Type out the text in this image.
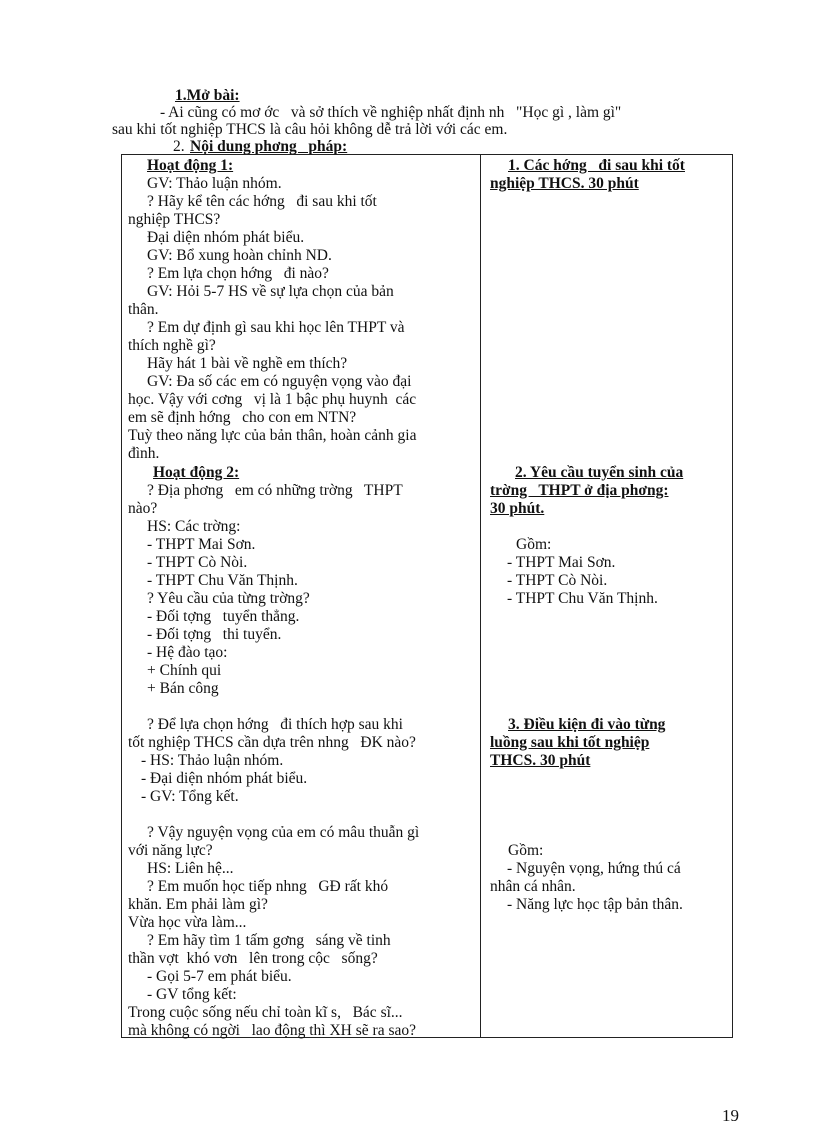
1.Mở bài:
- Ai cũng có mơ ớc   và sở thích về nghiệp nhất định nh   "Học gì , làm gì"
sau khi tốt nghiệp THCS là câu hỏi không dễ trả lời với các em.
2. Nội dung phơng   pháp:
Hoạt động 1:
GV: Thảo luận nhóm.
? Hãy kể tên các hớng   đi sau khi tốt
nghiệp THCS?
Đại diện nhóm phát biểu.
GV: Bổ xung hoàn chỉnh ND.
? Em lựa chọn hớng   đi nào?
GV: Hỏi 5-7 HS về sự lựa chọn của bản
thân.
? Em dự định gì sau khi học lên THPT và
thích nghề gì?
Hãy hát 1 bài về nghề em thích?
GV: Đa số các em có nguyện vọng vào đại
học. Vậy với cơng   vị là 1 bậc phụ huynh  các
em sẽ định hớng   cho con em NTN?
Tuỳ theo năng lực của bản thân, hoàn cảnh gia
đình.
Hoạt động 2:
? Địa phơng   em có những trờng   THPT
nào?
HS: Các trờng:
- THPT Mai Sơn.
- THPT Cò Nòi.
- THPT Chu Văn Thịnh.
? Yêu cầu của từng trờng?
- Đối tợng   tuyển thẳng.
- Đối tợng   thi tuyển.
- Hệ đào tạo:
+ Chính qui
+ Bán công
? Để lựa chọn hớng   đi thích hợp sau khi
tốt nghiệp THCS cần dựa trên nhng   ĐK nào?
- HS: Thảo luận nhóm.
- Đại diện nhóm phát biểu.
- GV: Tổng kết.
? Vậy nguyện vọng của em có mâu thuẫn gì
với năng lực?
HS: Liên hệ...
? Em muốn học tiếp nhng   GĐ rất khó
khăn. Em phải làm gì?
Vừa học vừa làm...
? Em hãy tìm 1 tấm gơng   sáng về tinh
thần vợt  khó vơn   lên trong cộc   sống?
- Gọi 5-7 em phát biểu.
- GV tổng kết:
Trong cuộc sống nếu chỉ toàn kĩ s,   Bác sĩ...
mà không có ngời   lao động thì XH sẽ ra sao?
1. Các hớng   đi sau khi tốt
nghiệp THCS. 30 phút
2. Yêu cầu tuyển sinh của
trờng   THPT ở địa phơng:
30 phút.
Gồm:
- THPT Mai Sơn.
- THPT Cò Nòi.
- THPT Chu Văn Thịnh.
3. Điều kiện đi vào từng
luồng sau khi tốt nghiệp
THCS. 30 phút
Gồm:
- Nguyện vọng, hứng thú cá
nhân cá nhân.
- Năng lực học tập bản thân.
19
